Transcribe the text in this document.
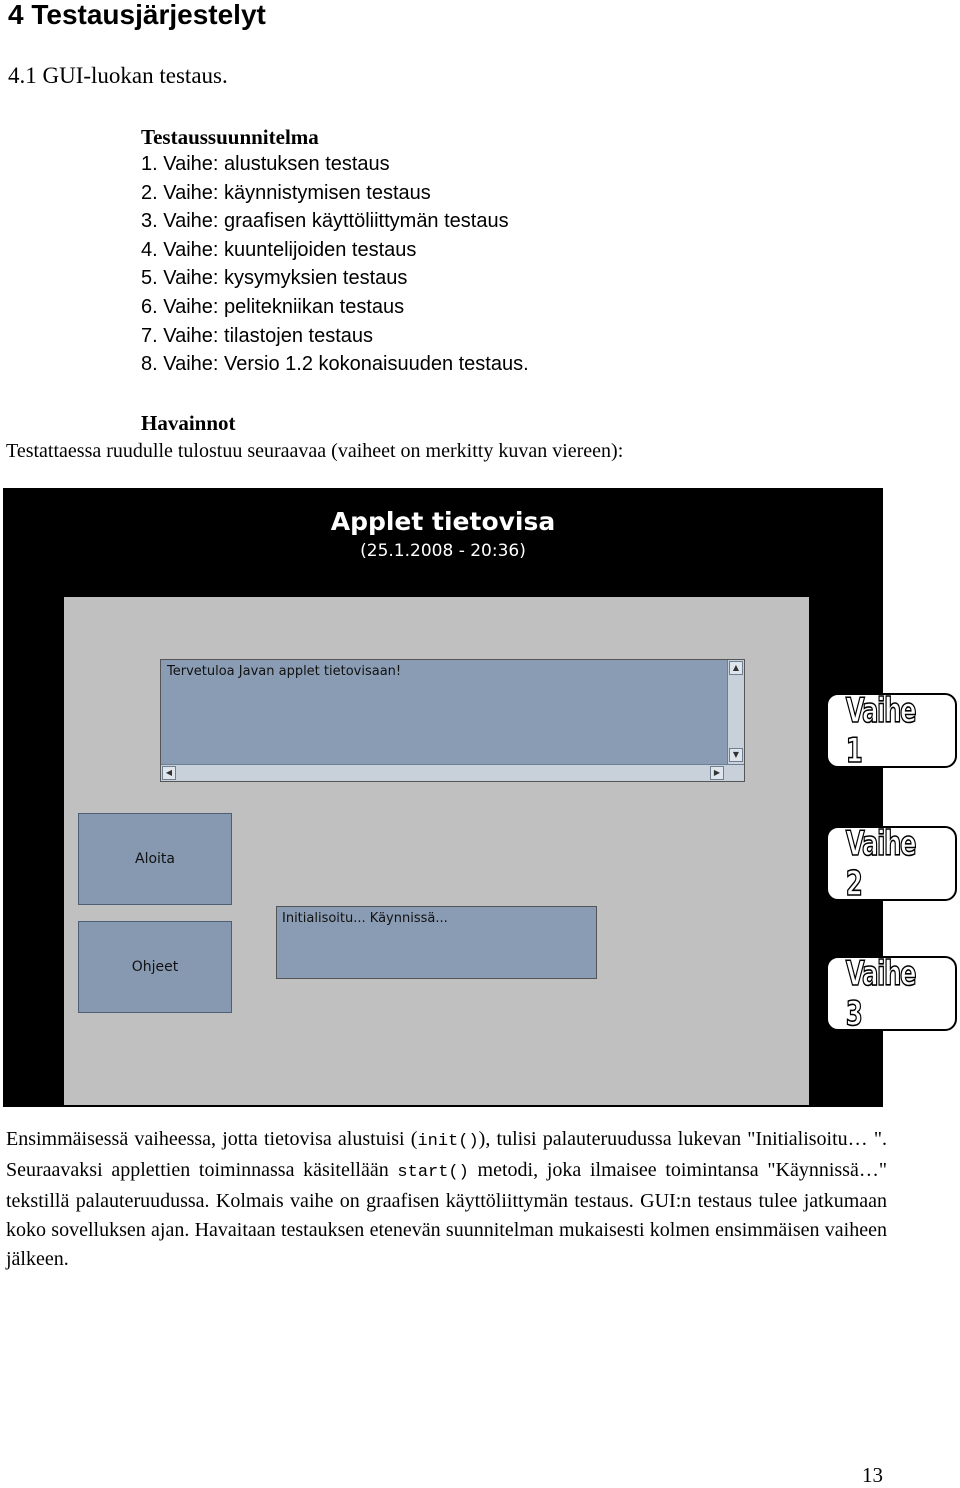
4 Testausjärjestelyt
4.1 GUI-luokan testaus.
Testaussuunnitelma
1. Vaihe: alustuksen testaus
2. Vaihe: käynnistymisen testaus
3. Vaihe: graafisen käyttöliittymän testaus
4. Vaihe: kuuntelijoiden testaus
5. Vaihe: kysymyksien testaus
6. Vaihe: pelitekniikan testaus
7. Vaihe: tilastojen testaus
8. Vaihe: Versio 1.2 kokonaisuuden testaus.
Havainnot
Testattaessa ruudulle tulostuu seuraavaa (vaiheet on merkitty kuvan viereen):
Applet tietovisa
(25.1.2008 - 20:36)
Tervetuloa Javan applet tietovisaan!	▲
▼
◀	▶
Aloita
Ohjeet
Initialisoitu... Käynnissä...
Vaihe 1
Vaihe 2
Vaihe 3
Ensimmäisessä vaiheessa, jotta tietovisa alustuisi (init()), tulisi palauteruudussa lukevan "Initialisoitu… ". Seuraavaksi applettien toiminnassa käsitellään start() metodi, joka ilmaisee toimintansa "Käynnissä…" tekstillä palauteruudussa. Kolmais vaihe on graafisen käyttöliittymän testaus. GUI:n testaus tulee jatkumaan koko sovelluksen ajan. Havaitaan testauksen etenevän suunnitelman mukaisesti kolmen ensimmäisen vaiheen jälkeen.
13
